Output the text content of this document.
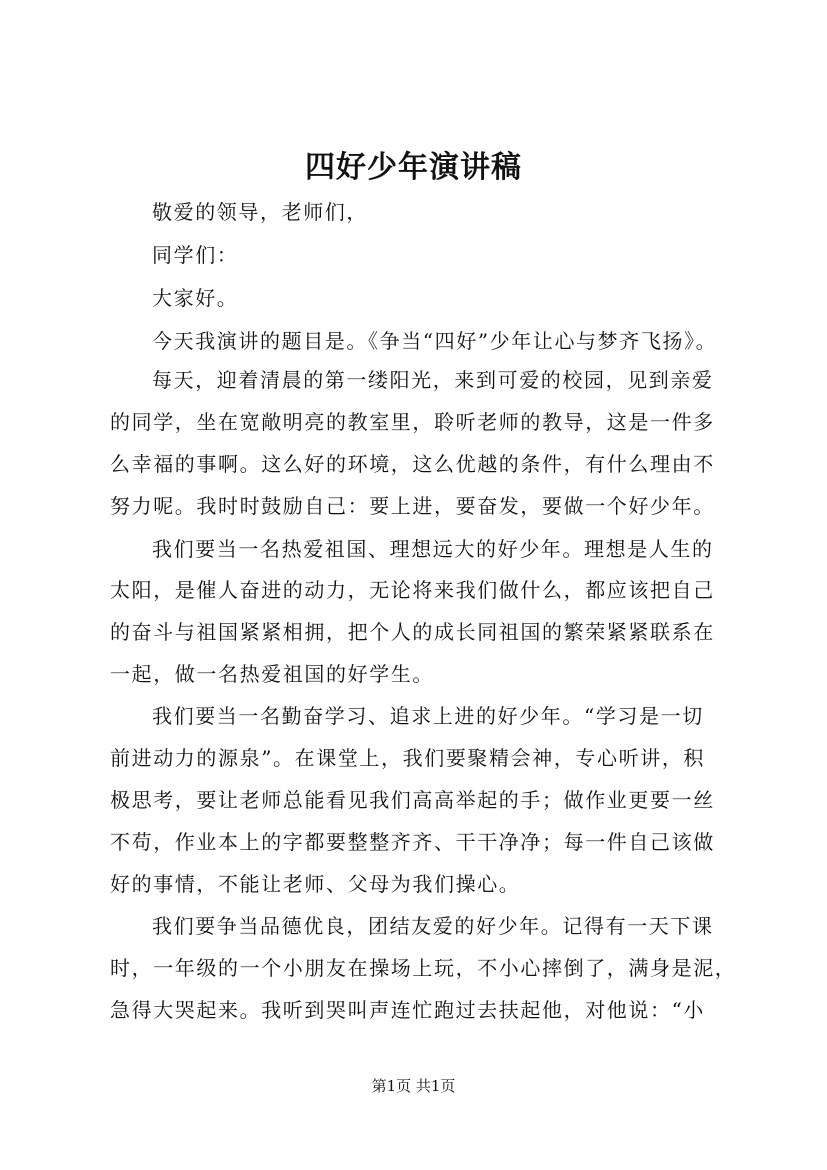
四好少年演讲稿
敬爱的领导，老师们，
同学们：
大家好。
今天我演讲的题目是。《争当“四好”少年让心与梦齐飞扬》。
每天，迎着清晨的第一缕阳光，来到可爱的校园，见到亲爱
的同学，坐在宽敞明亮的教室里，聆听老师的教导，这是一件多
么幸福的事啊。这么好的环境，这么优越的条件，有什么理由不
努力呢。我时时鼓励自己：要上进，要奋发，要做一个好少年。
我们要当一名热爱祖国、理想远大的好少年。理想是人生的
太阳，是催人奋进的动力，无论将来我们做什么，都应该把自己
的奋斗与祖国紧紧相拥，把个人的成长同祖国的繁荣紧紧联系在
一起，做一名热爱祖国的好学生。
我们要当一名勤奋学习、追求上进的好少年。“学习是一切
前进动力的源泉”。在课堂上，我们要聚精会神，专心听讲，积
极思考，要让老师总能看见我们高高举起的手；做作业更要一丝
不苟，作业本上的字都要整整齐齐、干干净净；每一件自己该做
好的事情，不能让老师、父母为我们操心。
我们要争当品德优良，团结友爱的好少年。记得有一天下课
时，一年级的一个小朋友在操场上玩，不小心摔倒了，满身是泥，
急得大哭起来。我听到哭叫声连忙跑过去扶起他，对他说：“小
第1页 共1页
